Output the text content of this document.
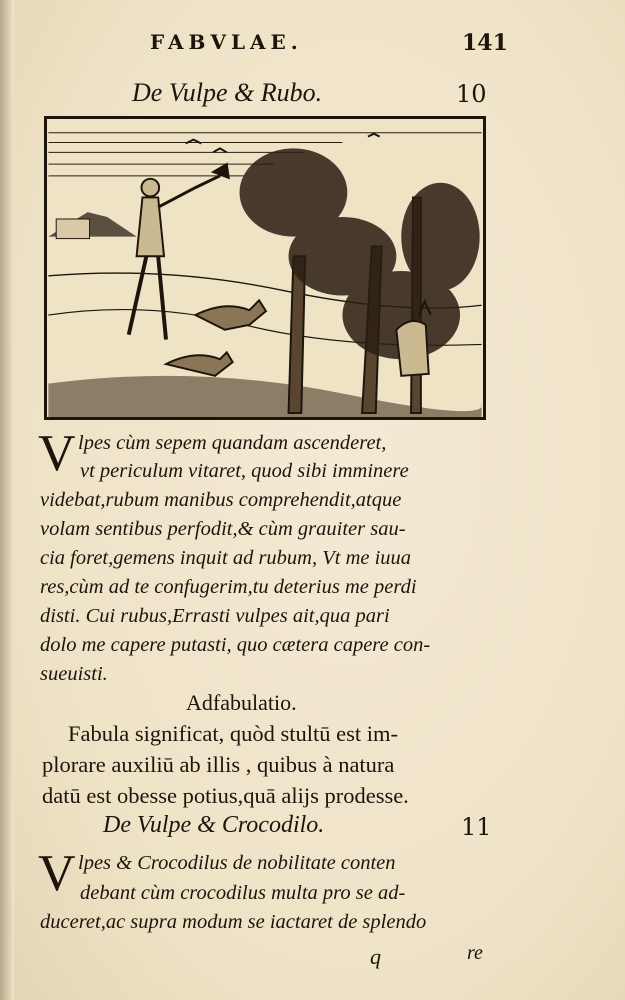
FABVLAE.	141
De Vulpe & Rubo.	10
V lpes cùm sepem quandam ascenderet,
vt periculum vitaret, quod sibi imminere
videbat,rubum manibus comprehendit,atque
volam sentibus perfodit,& cùm grauiter sau-
cia foret,gemens inquit ad rubum, Vt me iuua
res,cùm ad te confugerim,tu deterius me perdi
disti. Cui rubus,Errasti vulpes ait,qua pari
dolo me capere putasti, quo cætera capere con-
sueuisti.
Adfabulatio.
Fabula significat, quòd stultū est im-
plorare auxiliū ab illis , quibus à natura
datū est obesse potius,quā alijs prodesse.
De Vulpe & Crocodilo.	11
V lpes & Crocodilus de nobilitate conten
debant cùm crocodilus multa pro se ad-
duceret,ac supra modum se iactaret de splendo
q	re
